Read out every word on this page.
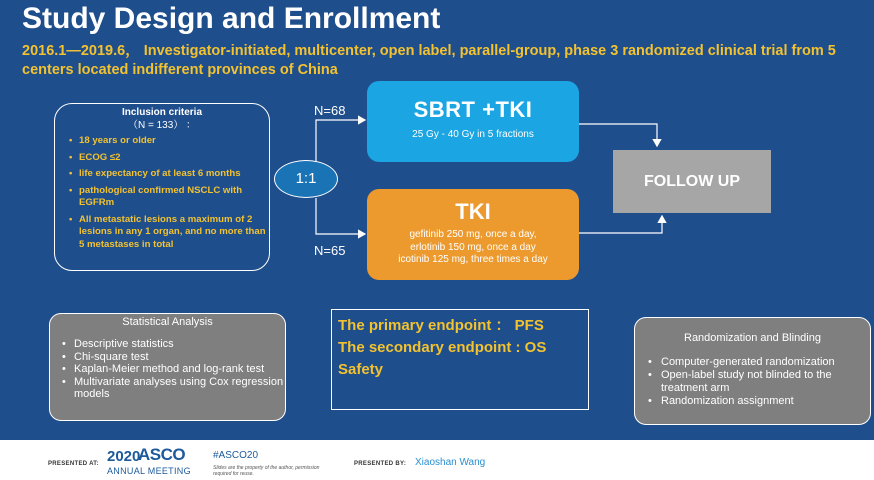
Study Design and Enrollment
2016.1—2019.6， Investigator-initiated, multicenter, open label, parallel-group, phase 3 randomized clinical trial from 5 centers located indifferent provinces of China
Inclusion criteria
（N = 133） ：
• 18 years or older
• ECOG ≤2
• life expectancy of at least 6 months
• pathological confirmed NSCLC with EGFRm
• All metastatic lesions a maximum of 2 lesions in any 1 organ, and no more than 5 metastases in total
1:1
N=68
N=65
SBRT +TKI
25 Gy - 40 Gy in 5 fractions
TKI
gefitinib 250 mg, once a day,
erlotinib 150 mg, once a day
icotinib 125 mg, three times a day
FOLLOW UP
Statistical Analysis
• Descriptive statistics
• Chi-square test
• Kaplan-Meier method and log-rank test
• Multivariate analyses using Cox regression models
The primary endpoint ： PFS
The secondary endpoint : OS
Safety
Randomization and Blinding
• Computer-generated randomization
• Open-label study not blinded to the treatment arm
• Randomization assignment
PRESENTED AT: 2020
ASCO
ANNUAL MEETING
#ASCO20
Slides are the property of the author, permission required for reuse.
PRESENTED BY: Xiaoshan Wang
